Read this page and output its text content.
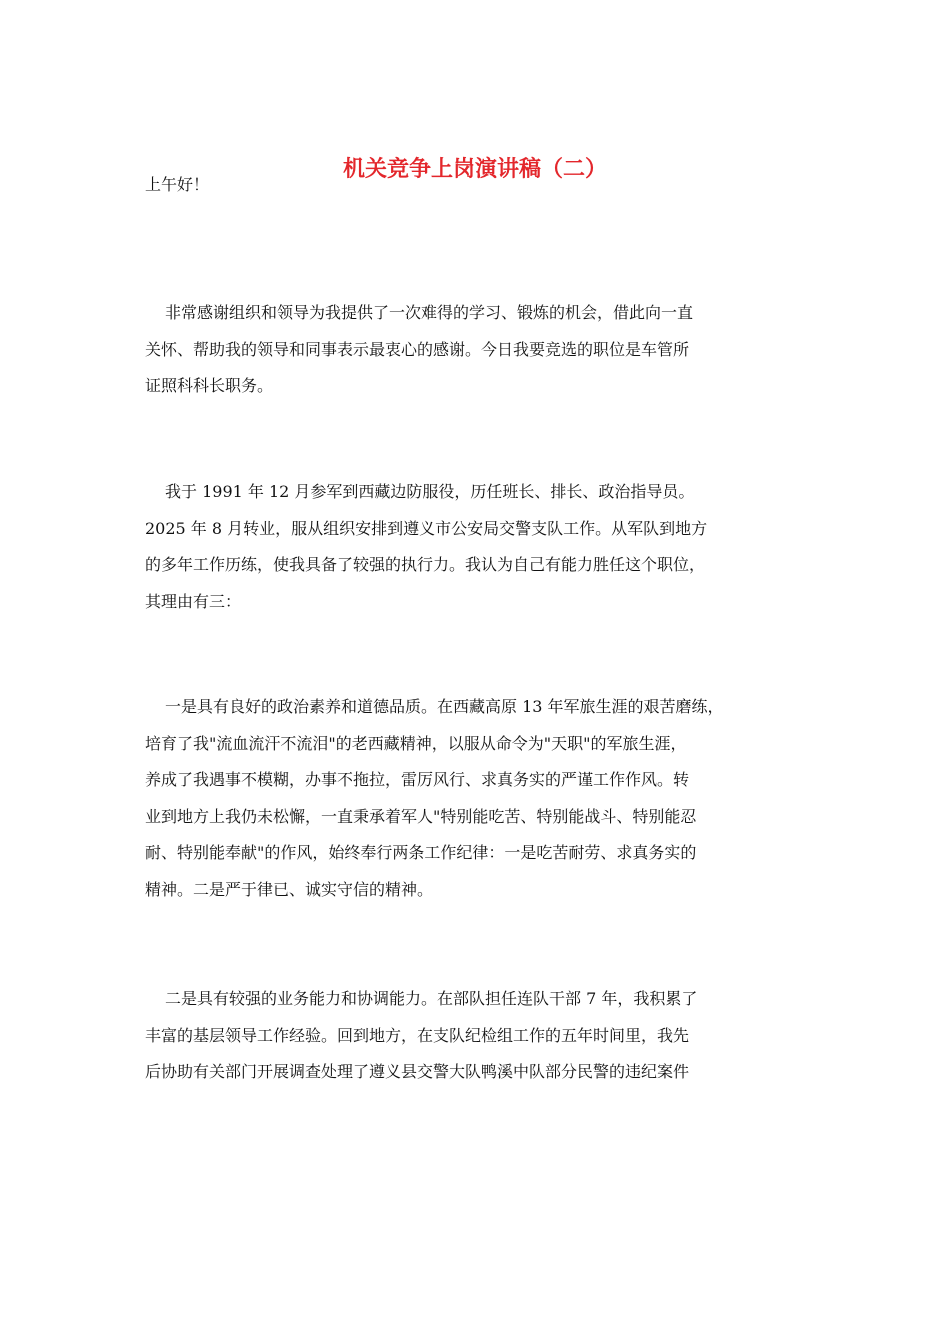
机关竞争上岗演讲稿（二）

上午好！

非常感谢组织和领导为我提供了一次难得的学习、锻炼的机会，借此向一直
关怀、帮助我的领导和同事表示最衷心的感谢。今日我要竞选的职位是车管所
证照科科长职务。
我于 1991 年 12 月参军到西藏边防服役，历任班长、排长、政治指导员。
2025 年 8 月转业，服从组织安排到遵义市公安局交警支队工作。从军队到地方
的多年工作历练，使我具备了较强的执行力。我认为自己有能力胜任这个职位，
其理由有三：
一是具有良好的政治素养和道德品质。在西藏高原 13 年军旅生涯的艰苦磨练，
培育了我"流血流汗不流泪"的老西藏精神，以服从命令为"天职"的军旅生涯，
养成了我遇事不模糊，办事不拖拉，雷厉风行、求真务实的严谨工作作风。转
业到地方上我仍未松懈，一直秉承着军人"特别能吃苦、特别能战斗、特别能忍
耐、特别能奉献"的作风，始终奉行两条工作纪律：一是吃苦耐劳、求真务实的
精神。二是严于律已、诚实守信的精神。
二是具有较强的业务能力和协调能力。在部队担任连队干部 7 年，我积累了
丰富的基层领导工作经验。回到地方，在支队纪检组工作的五年时间里，我先
后协助有关部门开展调查处理了遵义县交警大队鸭溪中队部分民警的违纪案件
